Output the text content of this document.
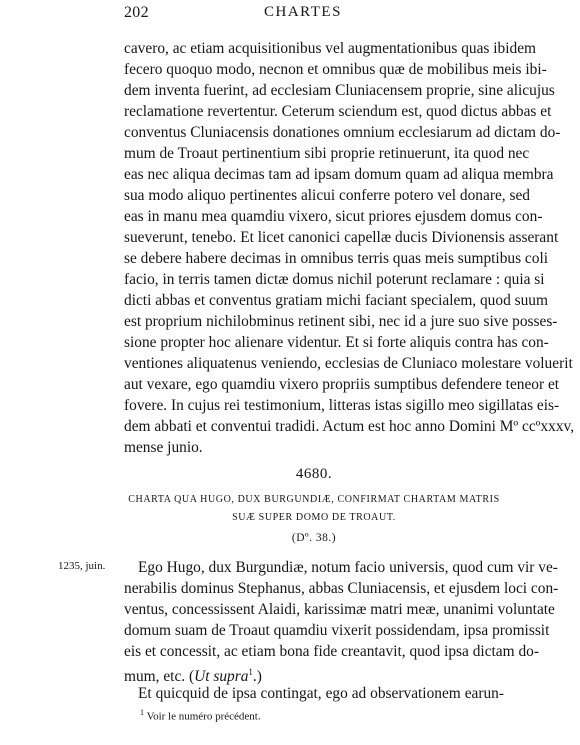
202	CHARTES
cavero, ac etiam acquisitionibus vel augmentationibus quas ibidem
fecero quoquo modo, necnon et omnibus quæ de mobilibus meis ibi-
dem inventa fuerint, ad ecclesiam Cluniacensem proprie, sine alicujus
reclamatione revertentur. Ceterum sciendum est, quod dictus abbas et
conventus Cluniacensis donationes omnium ecclesiarum ad dictam do-
mum de Troaut pertinentium sibi proprie retinuerunt, ita quod nec
eas nec aliqua decimas tam ad ipsam domum quam ad aliqua membra
sua modo aliquo pertinentes alicui conferre potero vel donare, sed
eas in manu mea quamdiu vixero, sicut priores ejusdem domus con-
sueverunt, tenebo. Et licet canonici capellæ ducis Divionensis asserant
se debere habere decimas in omnibus terris quas meis sumptibus coli
facio, in terris tamen dictæ domus nichil poterunt reclamare : quia si
dicti abbas et conventus gratiam michi faciant specialem, quod suum
est proprium nichilobminus retinent sibi, nec id a jure suo sive posses-
sione propter hoc alienare videntur. Et si forte aliquis contra has con-
ventiones aliquatenus veniendo, ecclesias de Cluniaco molestare voluerit
aut vexare, ego quamdiu vixero propriis sumptibus defendere teneor et
fovere. In cujus rei testimonium, litteras istas sigillo meo sigillatas eis-
dem abbati et conventui tradidi. Actum est hoc anno Domini Mº ccºxxxv,
mense junio.
4680.
CHARTA QUA HUGO, DUX BURGUNDIÆ, CONFIRMAT CHARTAM MATRIS
SUÆ SUPER DOMO DE TROAUT.
(Dº. 38.)
1235, juin. Ego Hugo, dux Burgundiæ, notum facio universis, quod cum vir ve-
nerabilis dominus Stephanus, abbas Cluniacensis, et ejusdem loci con-
ventus, concessissent Alaidi, karissimæ matri meæ, unanimi voluntate
domum suam de Troaut quamdiu vixerit possidendam, ipsa promissit
eis et concessit, ac etiam bona fide creantavit, quod ipsa dictam do-
mum, etc. (Ut supra$^1$.)
Et quicquid de ipsa contingat, ego ad observationem earun-
$^1$ Voir le numéro précédent.
